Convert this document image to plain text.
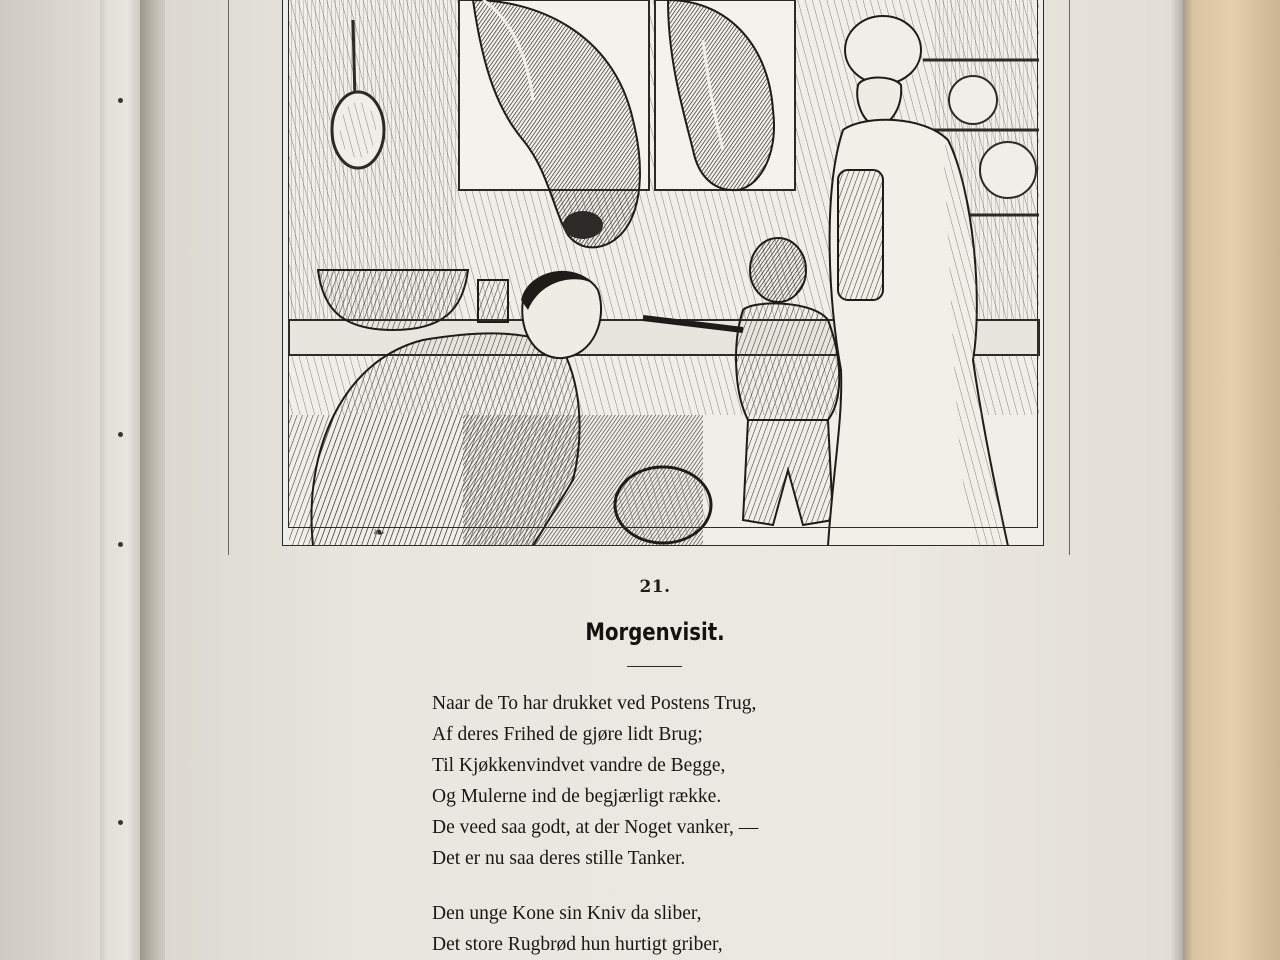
❧
21.
Morgenvisit.
Naar de To har drukket ved Postens Trug,
Af deres Frihed de gjøre lidt Brug;
Til Kjøkkenvindvet vandre de Begge,
Og Mulerne ind de begjærligt række.
De veed saa godt, at der Noget vanker, —
Det er nu saa deres stille Tanker.
Den unge Kone sin Kniv da sliber,
Det store Rugbrød hun hurtigt griber,
